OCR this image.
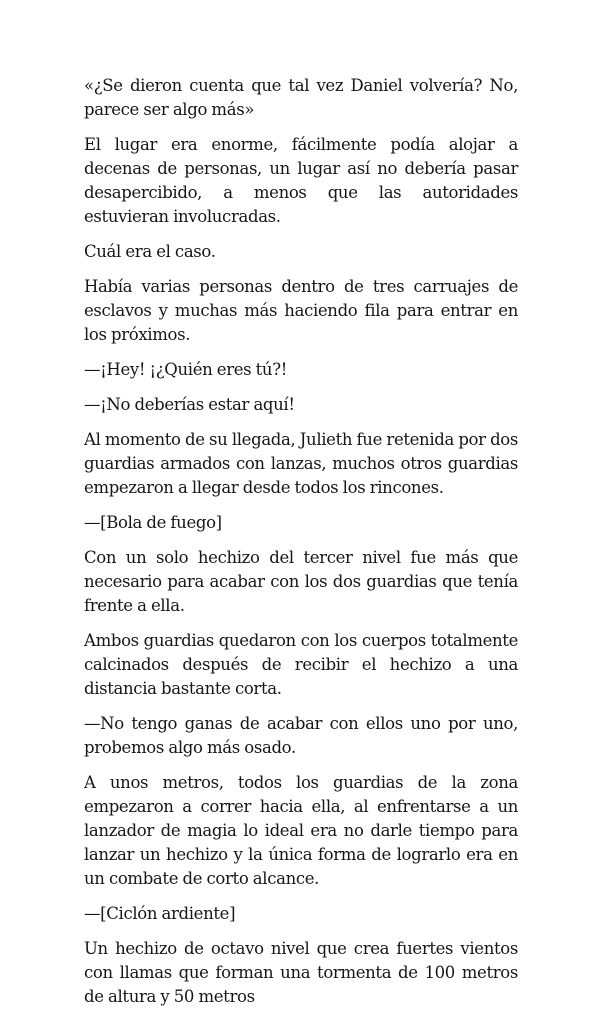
«¿Se dieron cuenta que tal vez Daniel volvería? No, parece ser algo más»

El lugar era enorme, fácilmente podía alojar a decenas de personas, un lugar así no debería pasar desapercibido, a menos que las autoridades estuvieran involucradas.

Cuál era el caso.

Había varias personas dentro de tres carruajes de esclavos y muchas más haciendo fila para entrar en los próximos.

—¡Hey! ¡¿Quién eres tú?!

—¡No deberías estar aquí!

Al momento de su llegada, Julieth fue retenida por dos guardias armados con lanzas, muchos otros guardias empezaron a llegar desde todos los rincones.

—[Bola de fuego]

Con un solo hechizo del tercer nivel fue más que necesario para acabar con los dos guardias que tenía frente a ella.

Ambos guardias quedaron con los cuerpos totalmente calcinados después de recibir el hechizo a una distancia bastante corta.

—No tengo ganas de acabar con ellos uno por uno, probemos algo más osado.

A unos metros, todos los guardias de la zona empezaron a correr hacia ella, al enfrentarse a un lanzador de magia lo ideal era no darle tiempo para lanzar un hechizo y la única forma de lograrlo era en un combate de corto alcance.

—[Ciclón ardiente]

Un hechizo de octavo nivel que crea fuertes vientos con llamas que forman una tormenta de 100 metros de altura y 50 metros
